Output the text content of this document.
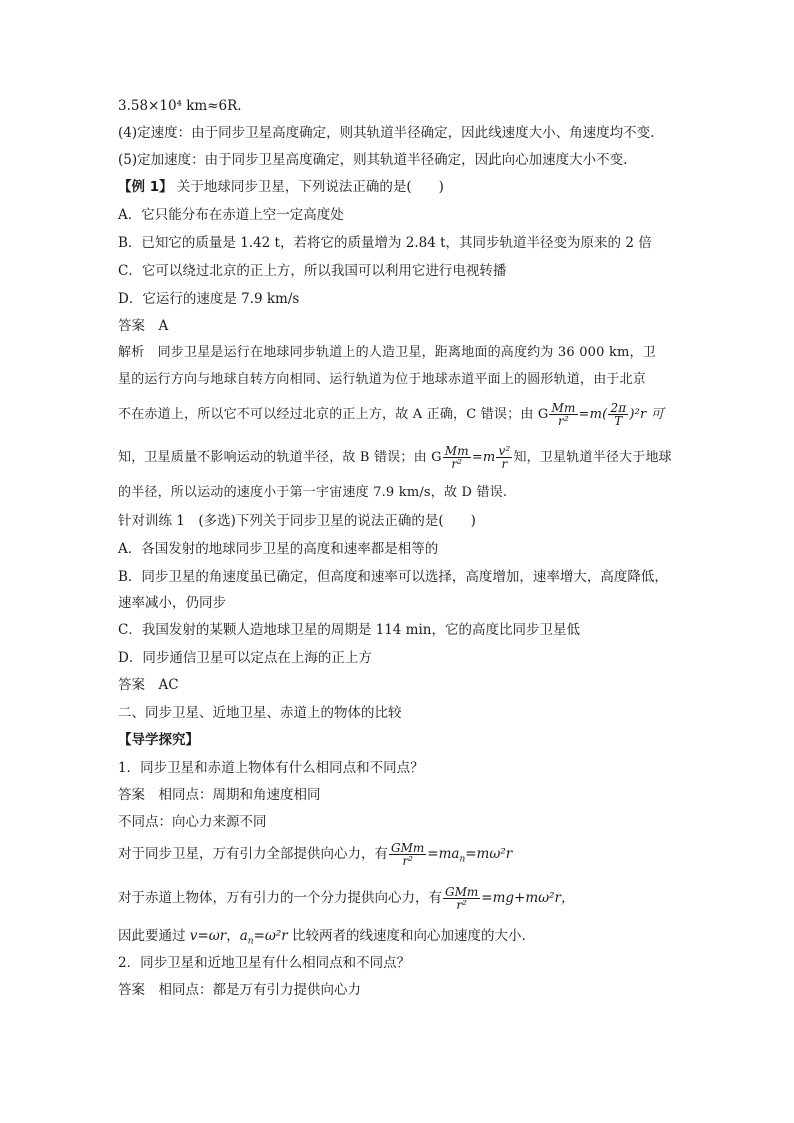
3.58×10⁴ km≈6R.
(4)定速度：由于同步卫星高度确定，则其轨道半径确定，因此线速度大小、角速度均不变.
(5)定加速度：由于同步卫星高度确定，则其轨道半径确定，因此向心加速度大小不变.
【例 1】 关于地球同步卫星，下列说法正确的是(　　)
A．它只能分布在赤道上空一定高度处
B．已知它的质量是 1.42 t，若将它的质量增为 2.84 t，其同步轨道半径变为原来的 2 倍
C．它可以绕过北京的正上方，所以我国可以利用它进行电视转播
D．它运行的速度是 7.9 km/s
答案　A
解析　同步卫星是运行在地球同步轨道上的人造卫星，距离地面的高度约为 36 000 km，卫
星的运行方向与地球自转方向相同、运行轨道为位于地球赤道平面上的圆形轨道，由于北京
不在赤道上，所以它不可以经过北京的正上方，故 A 正确，C 错误；由 G $\frac{Mm}{\text{r²}} =m( \frac{2\pi}{T} )^2r$ 可
知，卫星质量不影响运动的轨道半径，故 B 错误；由 G $\frac{Mm}{\text{r²}} =m \frac{\text{v²}}{r}$ 知，卫星轨道半径大于地球
的半径，所以运动的速度小于第一宇宙速度 7.9 km/s，故 D 错误.
针对训练 1　(多选)下列关于同步卫星的说法正确的是(　　)
A．各国发射的地球同步卫星的高度和速率都是相等的
B．同步卫星的角速度虽已确定，但高度和速率可以选择，高度增加，速率增大，高度降低，
速率减小，仍同步
C．我国发射的某颗人造地球卫星的周期是 114 min，它的高度比同步卫星低
D．同步通信卫星可以定点在上海的正上方
答案　AC
二、同步卫星、近地卫星、赤道上的物体的比较
【导学探究】
1．同步卫星和赤道上物体有什么相同点和不同点？
答案　相同点：周期和角速度相同
不同点：向心力来源不同
对于同步卫星，万有引力全部提供向心力，有 $\frac{\text{GMm}}{\text{r²}} =ma_n=m\omega^2r$
对于赤道上物体，万有引力的一个分力提供向心力，有 $\frac{\text{GMm}}{\text{r²}} =mg+m\omega^2r$，
因此要通过 v=ωr，$a_n=\omega^2r$ 比较两者的线速度和向心加速度的大小.
2．同步卫星和近地卫星有什么相同点和不同点？
答案　相同点：都是万有引力提供向心力
